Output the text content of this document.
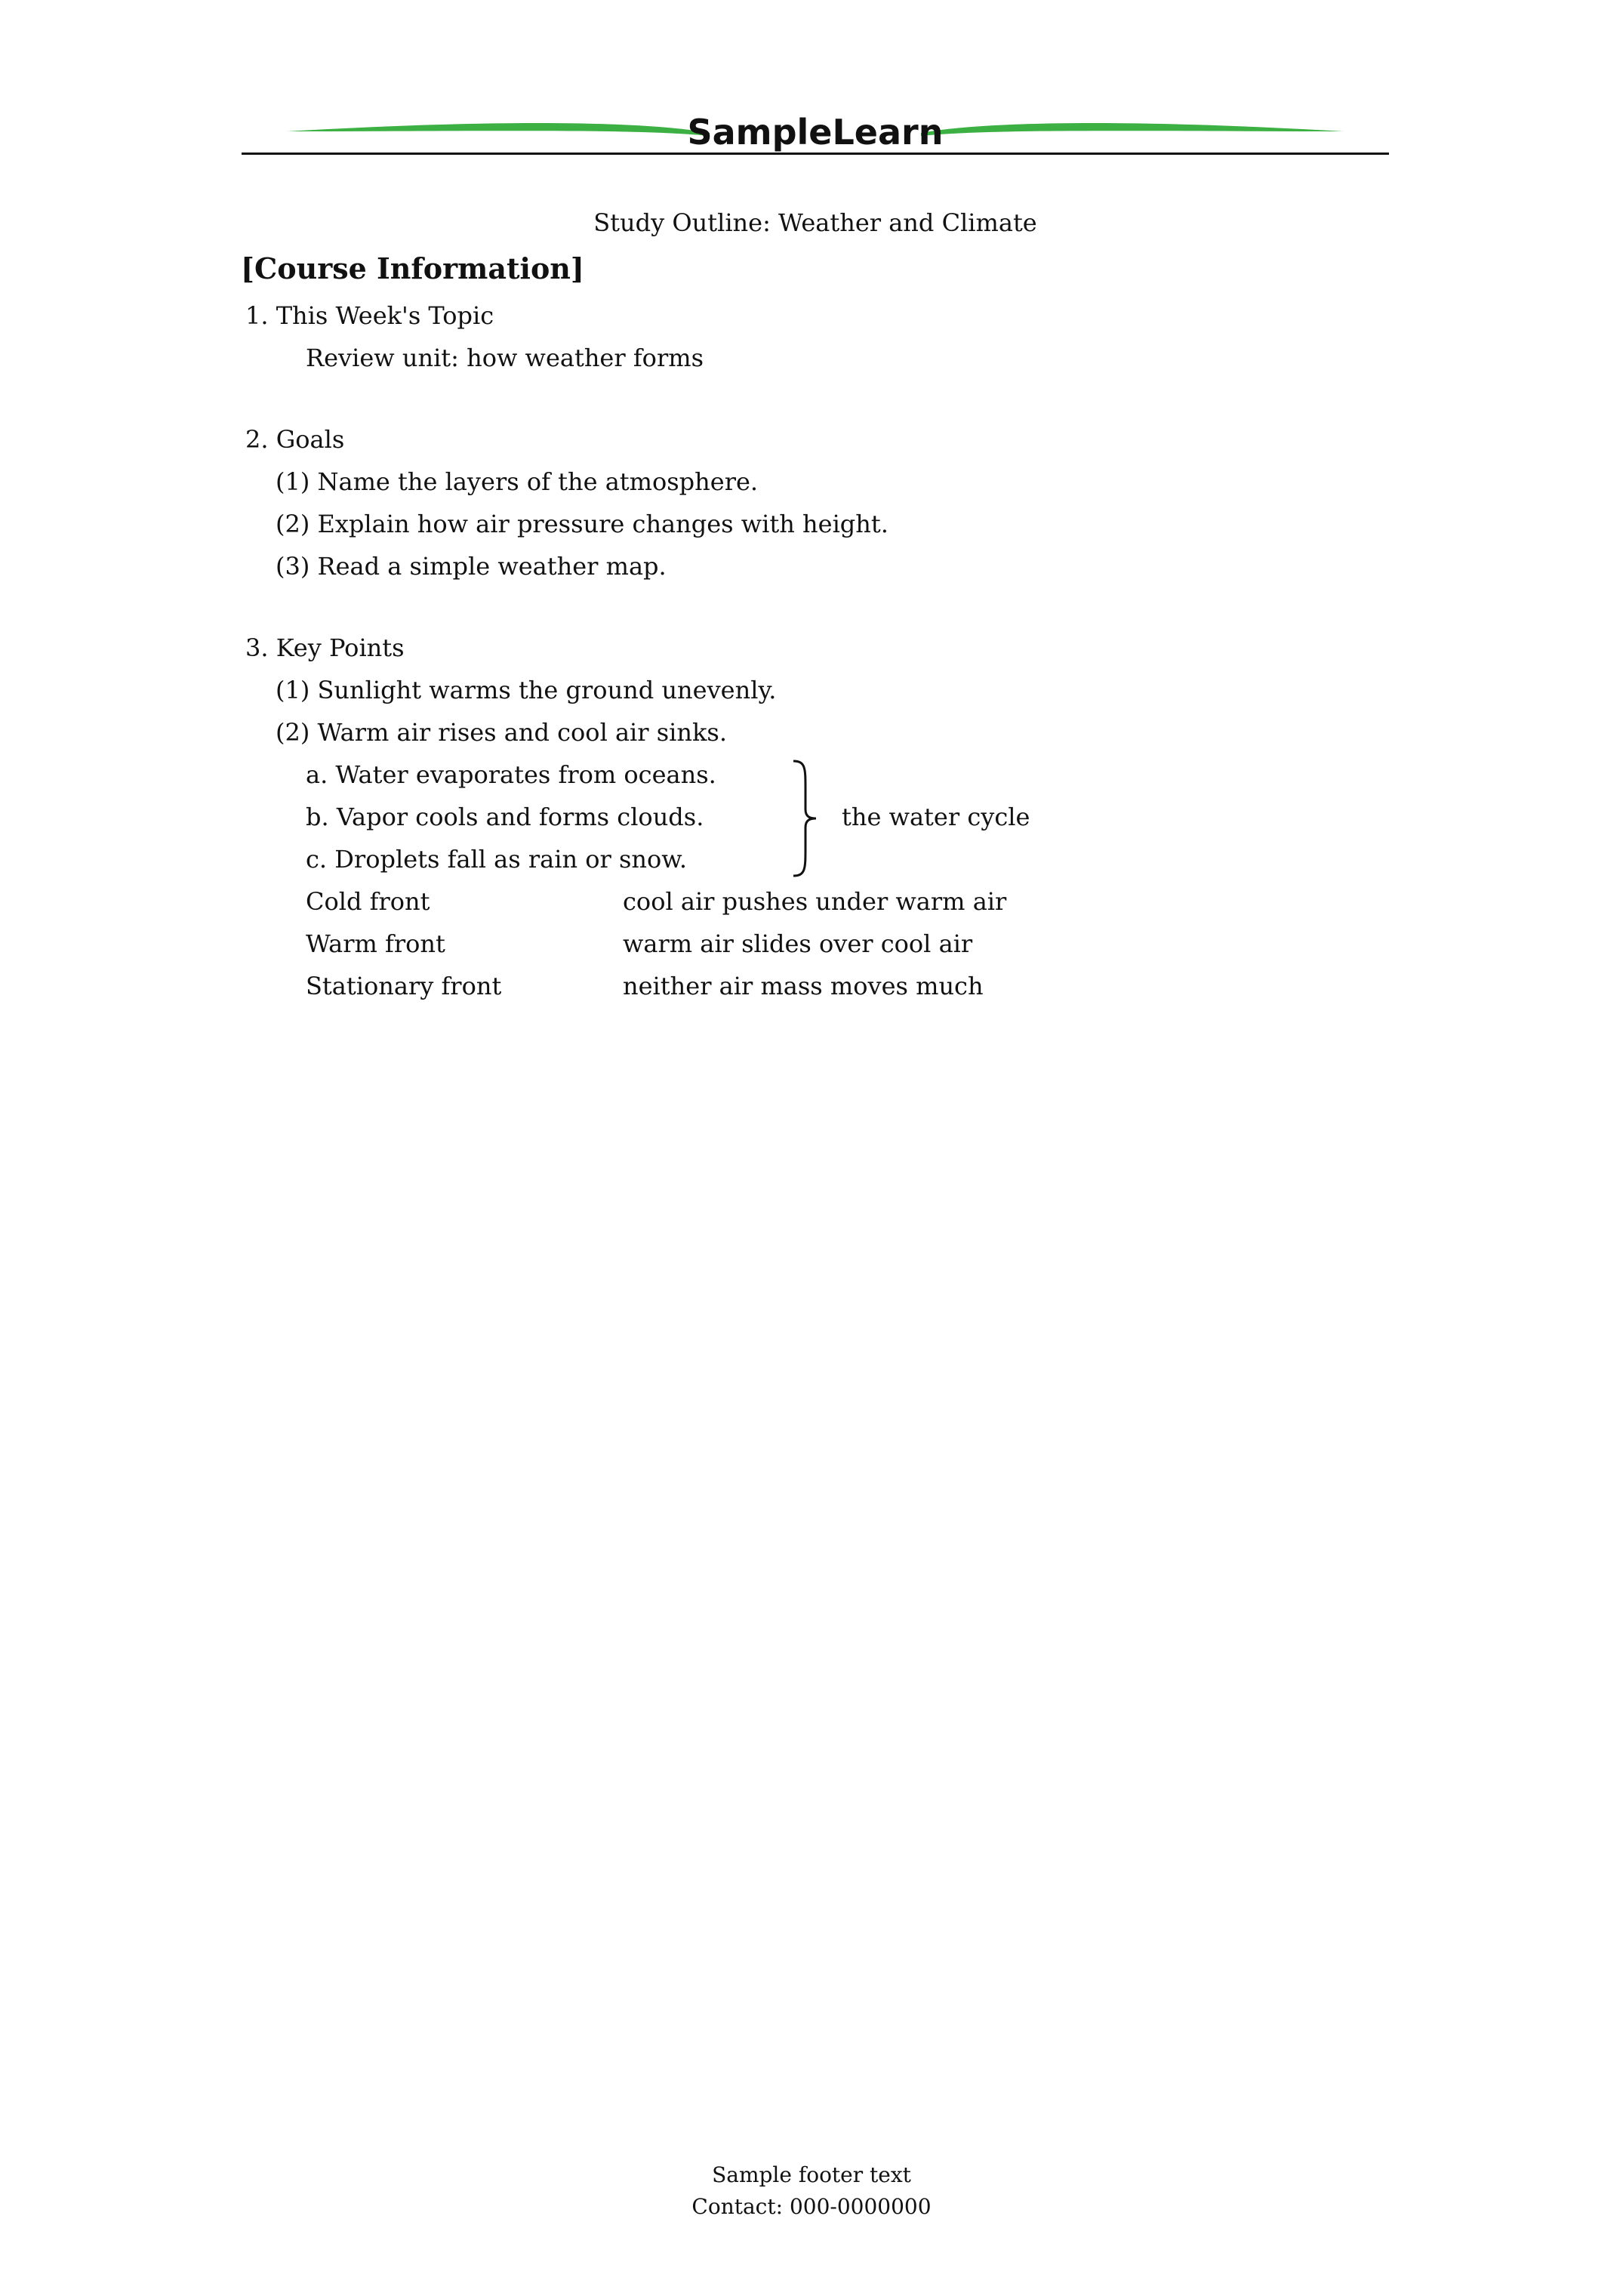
SampleLearn
Study Outline: Weather and Climate
[Course Information]
1. This Week's Topic
Review unit: how weather forms
2. Goals
(1) Name the layers of the atmosphere.
(2) Explain how air pressure changes with height.
(3) Read a simple weather map.
3. Key Points
(1) Sunlight warms the ground unevenly.
(2) Warm air rises and cool air sinks.
a. Water evaporates from oceans.
b. Vapor cools and forms clouds.
c. Droplets fall as rain or snow.
the water cycle
Cold front	cool air pushes under warm air
Warm front	warm air slides over cool air
Stationary front	neither air mass moves much
Sample footer text
Contact: 000-0000000
